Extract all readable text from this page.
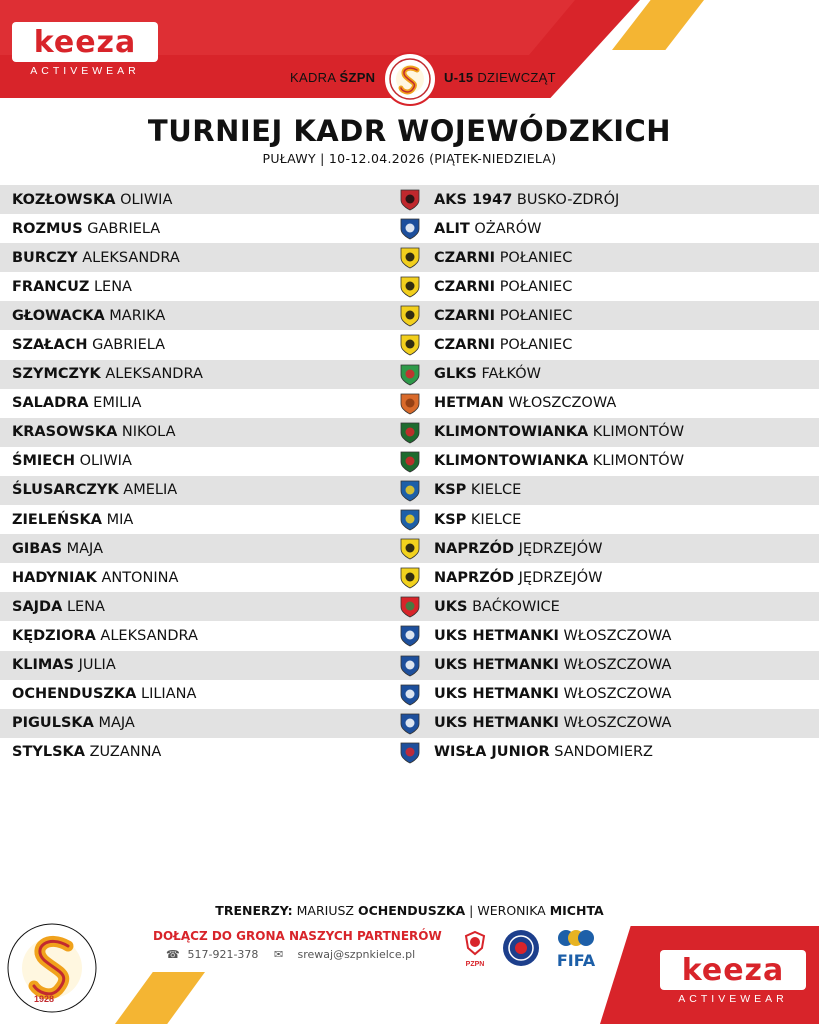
keeza
ACTIVEWEAR	KADRA ŚZPN	U-15 DZIEWCZĄT
TURNIEJ KADR WOJEWÓDZKICH
PUŁAWY | 10-12.04.2026 (PIĄTEK-NIEDZIELA)
KOZŁOWSKA OLIWIA	AKS 1947 BUSKO-ZDRÓJ
ROZMUS GABRIELA	ALIT OŻARÓW
BURCZY ALEKSANDRA	CZARNI POŁANIEC
FRANCUZ LENA	CZARNI POŁANIEC
GŁOWACKA MARIKA	CZARNI POŁANIEC
SZAŁACH GABRIELA	CZARNI POŁANIEC
SZYMCZYK ALEKSANDRA	GLKS FAŁKÓW
SALADRA EMILIA	HETMAN WŁOSZCZOWA
KRASOWSKA NIKOLA	KLIMONTOWIANKA KLIMONTÓW
ŚMIECH OLIWIA	KLIMONTOWIANKA KLIMONTÓW
ŚLUSARCZYK AMELIA	KSP KIELCE
ZIELEŃSKA MIA	KSP KIELCE
GIBAS MAJA	NAPRZÓD JĘDRZEJÓW
HADYNIAK ANTONINA	NAPRZÓD JĘDRZEJÓW
SAJDA LENA	UKS BAĆKOWICE
KĘDZIORA ALEKSANDRA	UKS HETMANKI WŁOSZCZOWA
KLIMAS JULIA	UKS HETMANKI WŁOSZCZOWA
OCHENDUSZKA LILIANA	UKS HETMANKI WŁOSZCZOWA
PIGULSKA MAJA	UKS HETMANKI WŁOSZCZOWA
STYLSKA ZUZANNA	WISŁA JUNIOR SANDOMIERZ
TRENERZY: MARIUSZ OCHENDUSZKA | WERONIKA MICHTA
DOŁĄCZ DO GRONA NASZYCH PARTNERÓW
☎ 517-921-378 ✉ srewaj@szpnkielce.pl
PZPN	FIFA
1928
keeza
ACTIVEWEAR
